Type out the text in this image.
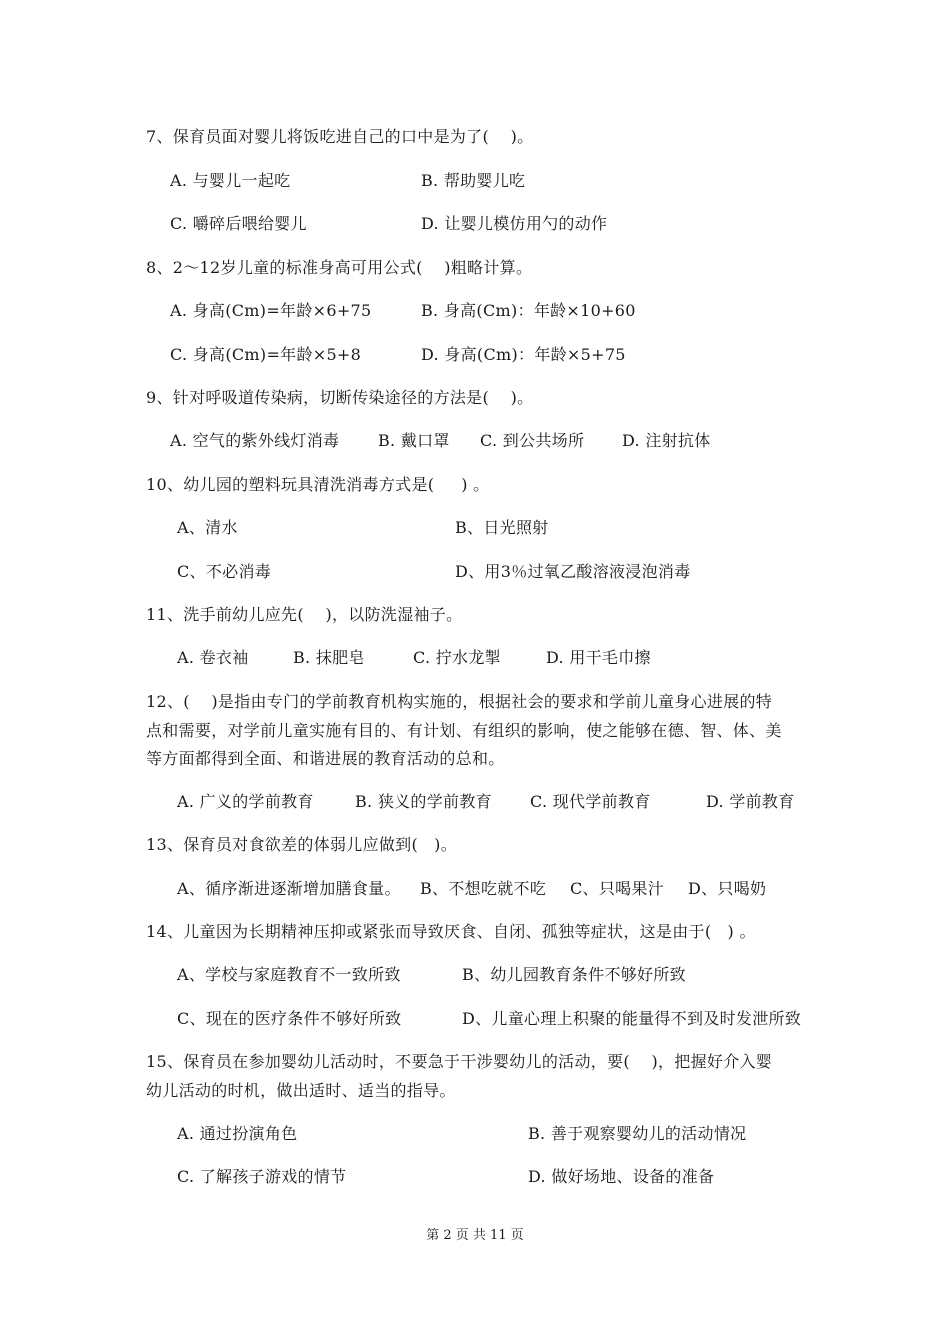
7、保育员面对婴儿将饭吃进自己的口中是为了(    )。
A. 与婴儿一起吃	B. 帮助婴儿吃
C. 嚼碎后喂给婴儿	D. 让婴儿模仿用勺的动作
8、2～12岁儿童的标准身高可用公式(    )粗略计算。
A. 身高(Cm)=年龄×6+75	B. 身高(Cm)：年龄×10+60
C. 身高(Cm)=年龄×5+8	D. 身高(Cm)：年龄×5+75
9、针对呼吸道传染病，切断传染途径的方法是(    )。
A. 空气的紫外线灯消毒 B. 戴口罩 C. 到公共场所 D. 注射抗体
10、幼儿园的塑料玩具清洗消毒方式是(     ) 。
A、清水	B、日光照射
C、不必消毒	D、用3％过氧乙酸溶液浸泡消毒
11、洗手前幼儿应先(    )，以防洗湿袖子。
A. 卷衣袖	B. 抹肥皂	C. 拧水龙掣	D. 用干毛巾擦
12、(    )是指由专门的学前教育机构实施的，根据社会的要求和学前儿童身心进展的特
点和需要，对学前儿童实施有目的、有计划、有组织的影响，使之能够在德、智、体、美
等方面都得到全面、和谐进展的教育活动的总和。
A. 广义的学前教育	B. 狭义的学前教育 C. 现代学前教育	D. 学前教育
13、保育员对食欲差的体弱儿应做到(   )。
A、循序渐进逐渐增加膳食量。 B、不想吃就不吃 C、只喝果汁 D、只喝奶
14、儿童因为长期精神压抑或紧张而导致厌食、自闭、孤独等症状，这是由于(   ) 。
A、学校与家庭教育不一致所致	B、幼儿园教育条件不够好所致
C、现在的医疗条件不够好所致	D、儿童心理上积聚的能量得不到及时发泄所致
15、保育员在参加婴幼儿活动时，不要急于干涉婴幼儿的活动，要(    )，把握好介入婴
幼儿活动的时机，做出适时、适当的指导。
A. 通过扮演角色	B. 善于观察婴幼儿的活动情况
C. 了解孩子游戏的情节	D. 做好场地、设备的准备
第 2 页 共 11 页
